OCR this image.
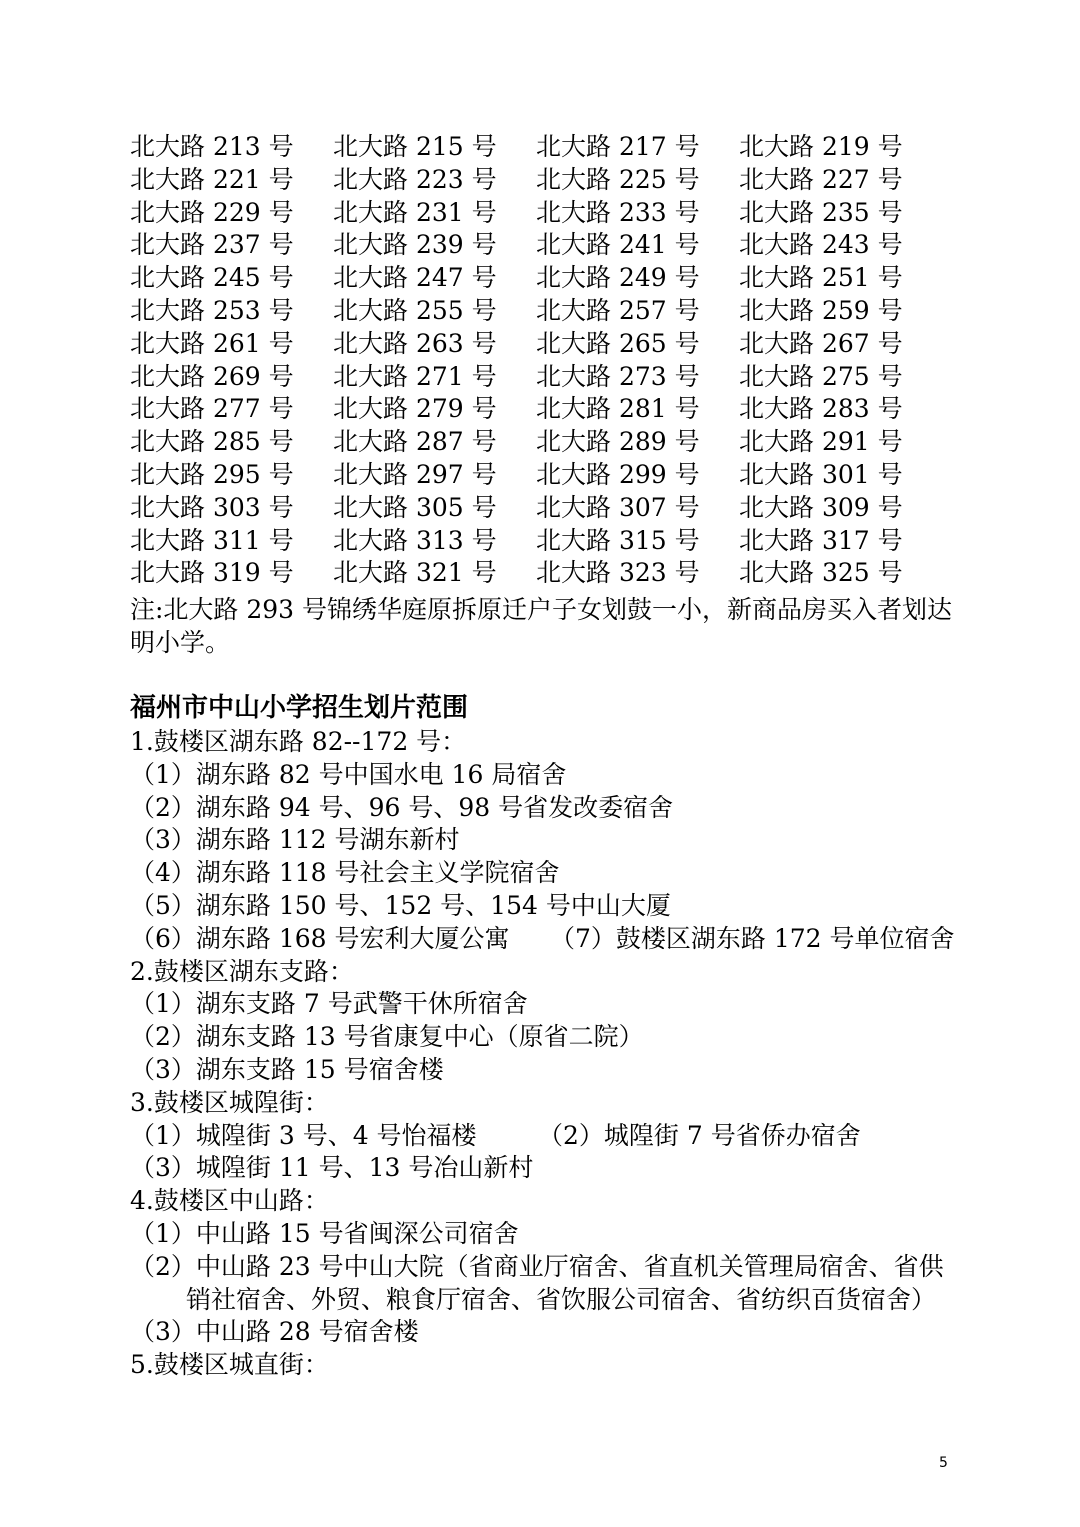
北大路 213 号 北大路 215 号 北大路 217 号 北大路 219 号
北大路 221 号 北大路 223 号 北大路 225 号 北大路 227 号
北大路 229 号 北大路 231 号 北大路 233 号 北大路 235 号
北大路 237 号 北大路 239 号 北大路 241 号 北大路 243 号
北大路 245 号 北大路 247 号 北大路 249 号 北大路 251 号
北大路 253 号 北大路 255 号 北大路 257 号 北大路 259 号
北大路 261 号 北大路 263 号 北大路 265 号 北大路 267 号
北大路 269 号 北大路 271 号 北大路 273 号 北大路 275 号
北大路 277 号 北大路 279 号 北大路 281 号 北大路 283 号
北大路 285 号 北大路 287 号 北大路 289 号 北大路 291 号
北大路 295 号 北大路 297 号 北大路 299 号 北大路 301 号
北大路 303 号 北大路 305 号 北大路 307 号 北大路 309 号
北大路 311 号 北大路 313 号 北大路 315 号 北大路 317 号
北大路 319 号 北大路 321 号 北大路 323 号 北大路 325 号
注:北大路 293 号锦绣华庭原拆原迁户子女划鼓一小，新商品房买入者划达
明小学。
福州市中山小学招生划片范围
1.鼓楼区湖东路 82--172 号：
（1）湖东路 82 号中国水电 16 局宿舍
（2）湖东路 94 号、96 号、98 号省发改委宿舍
（3）湖东路 112 号湖东新村
（4）湖东路 118 号社会主义学院宿舍
（5）湖东路 150 号、152 号、154 号中山大厦
（6）湖东路 168 号宏利大厦公寓 （7）鼓楼区湖东路 172 号单位宿舍
2.鼓楼区湖东支路：
（1）湖东支路 7 号武警干休所宿舍
（2）湖东支路 13 号省康复中心（原省二院）
（3）湖东支路 15 号宿舍楼
3.鼓楼区城隍街：
（1）城隍街 3 号、4 号怡福楼 （2）城隍街 7 号省侨办宿舍
（3）城隍街 11 号、13 号冶山新村
4.鼓楼区中山路：
（1）中山路 15 号省闽深公司宿舍
（2）中山路 23 号中山大院（省商业厅宿舍、省直机关管理局宿舍、省供
销社宿舍、外贸、粮食厅宿舍、省饮服公司宿舍、省纺织百货宿舍）
（3）中山路 28 号宿舍楼
5.鼓楼区城直街：
5
